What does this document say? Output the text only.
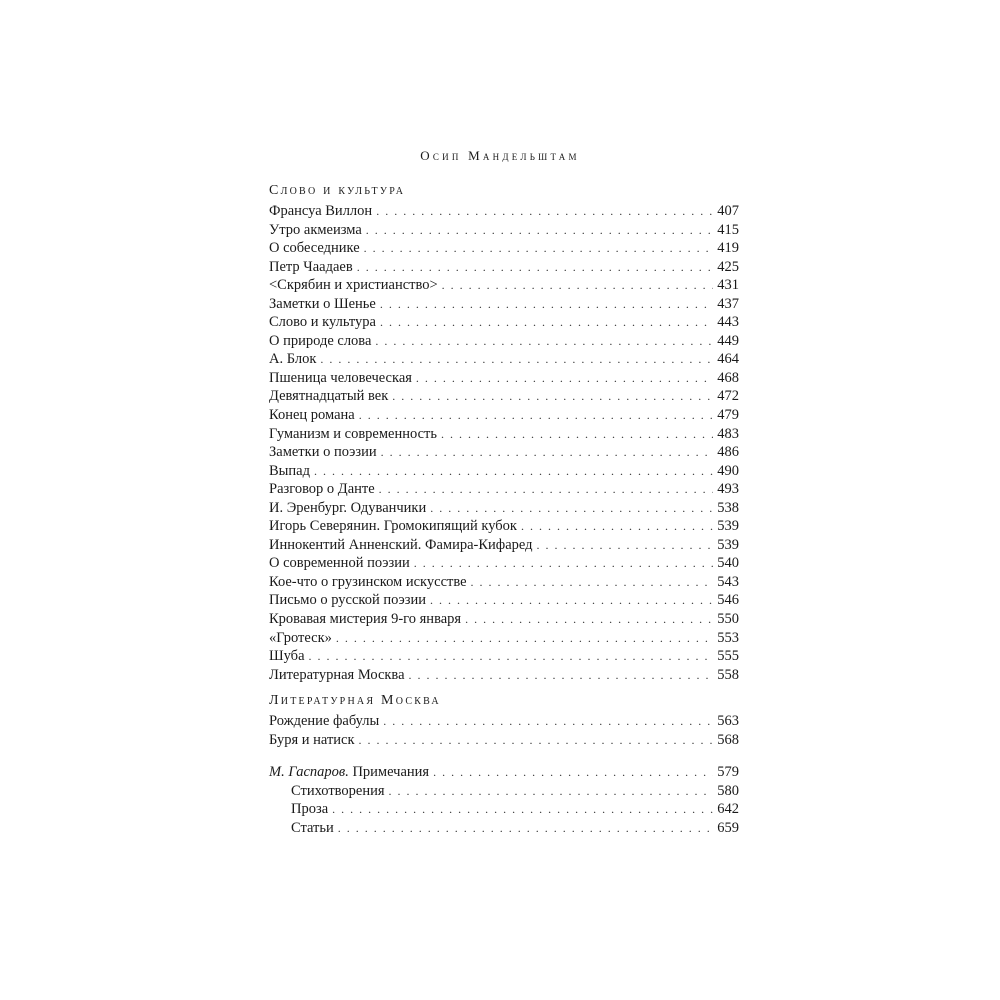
Осип Мандельштам
Слово и культура
Франсуа Виллон . . .	407
Утро акмеизма . . .	415
О собеседнике . . .	419
Петр Чаадаев . . .	425
<Скрябин и христианство> . . .	431
Заметки о Шенье . . .	437
Слово и культура . . .	443
О природе слова . . .	449
А. Блок . . .	464
Пшеница человеческая . . .	468
Девятнадцатый век . . .	472
Конец романа . . .	479
Гуманизм и современность . . .	483
Заметки о поэзии . . .	486
Выпад . . .	490
Разговор о Данте . . .	493
И. Эренбург. Одуванчики . . .	538
Игорь Северянин. Громокипящий кубок . . .	539
Иннокентий Анненский. Фамира-Кифаред . . .	539
О современной поэзии . . .	540
Кое-что о грузинском искусстве . . .	543
Письмо о русской поэзии . . .	546
Кровавая мистерия 9-го января . . .	550
«Гротеск» . . .	553
Шуба . . .	555
Литературная Москва . . .	558
Литературная Москва
Рождение фабулы . . .	563
Буря и натиск . . .	568
М. Гаспаров. Примечания . . .	579
Стихотворения . . .	580
Проза . . .	642
Статьи . . .	659
